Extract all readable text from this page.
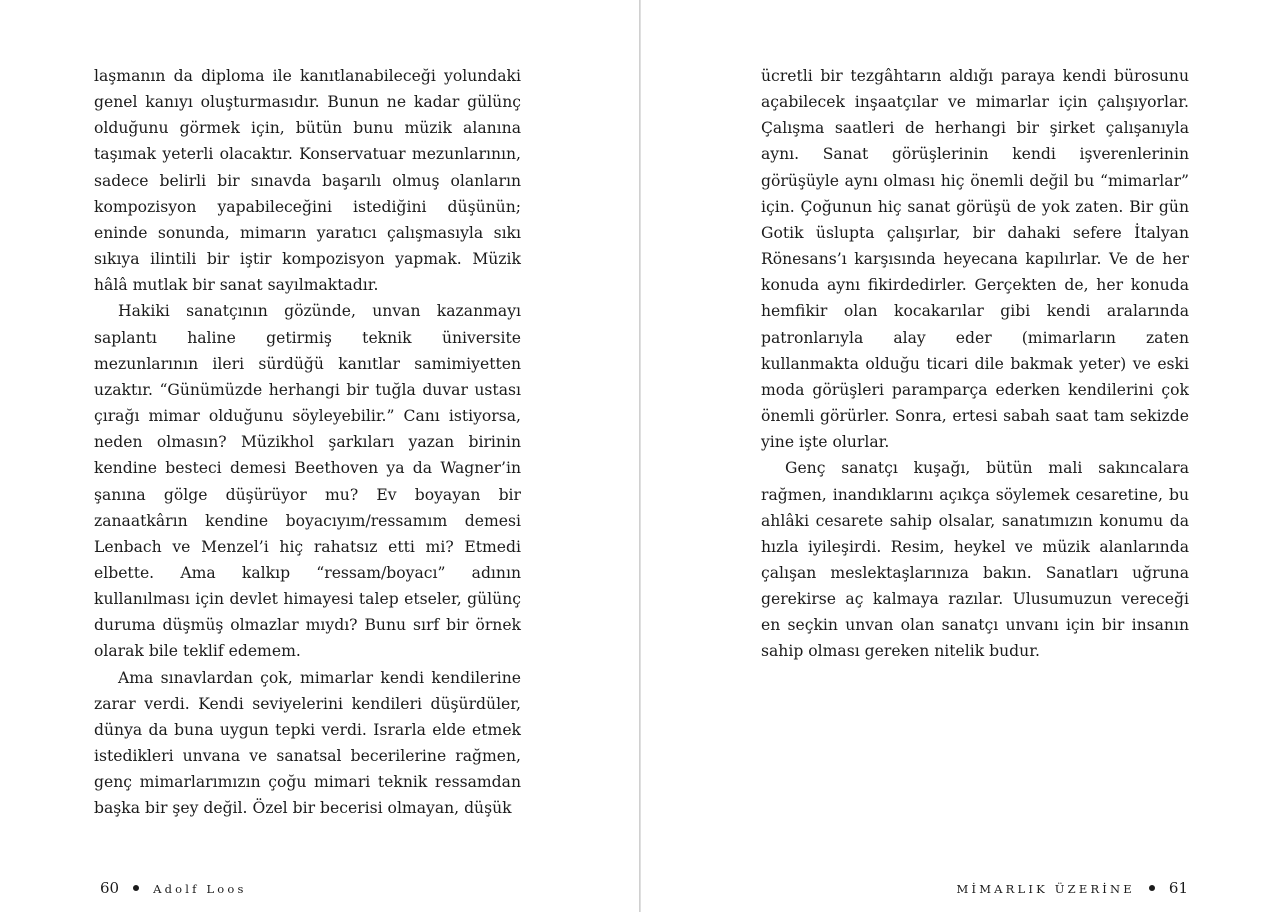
laşmanın da diploma ile kanıtlanabileceği yolundaki genel kanıyı oluşturmasıdır. Bunun ne kadar gülünç olduğunu görmek için, bütün bunu müzik alanına taşımak yeterli olacaktır. Konservatuar mezunlarının, sadece belirli bir sınavda başarılı olmuş olanların kompozisyon yapabileceğini istediğini düşünün; eninde sonunda, mimarın yaratıcı çalışmasıyla sıkı sıkıya ilintili bir iştir kompozisyon yapmak. Müzik hâlâ mutlak bir sanat sayılmaktadır.

Hakiki sanatçının gözünde, unvan kazanmayı saplantı haline getirmiş teknik üniversite mezunlarının ileri sürdüğü kanıtlar samimiyetten uzaktır. “Günümüzde herhangi bir tuğla duvar ustası çırağı mimar olduğunu söyleyebilir.” Canı istiyorsa, neden olmasın? Müzikhol şarkıları yazan birinin kendine besteci demesi Beethoven ya da Wagner’in şanına gölge düşürüyor mu? Ev boyayan bir zanaatkârın kendine boyacıyım/ressamım demesi Lenbach ve Menzel’i hiç rahatsız etti mi? Etmedi elbette. Ama kalkıp “ressam/boyacı” adının kullanılması için devlet himayesi talep etseler, gülünç duruma düşmüş olmazlar mıydı? Bunu sırf bir örnek olarak bile teklif edemem.

Ama sınavlardan çok, mimarlar kendi kendilerine zarar verdi. Kendi seviyelerini kendileri düşürdüler, dünya da buna uygun tepki verdi. Israrla elde etmek istedikleri unvana ve sanatsal becerilerine rağmen, genç mimarlarımızın çoğu mimari teknik ressamdan başka bir şey değil. Özel bir becerisi olmayan, düşük

60	Adolf Loos

ücretli bir tezgâhtarın aldığı paraya kendi bürosunu açabilecek inşaatçılar ve mimarlar için çalışıyorlar. Çalışma saatleri de herhangi bir şirket çalışanıyla aynı. Sanat görüşlerinin kendi işverenlerinin görüşüyle aynı olması hiç önemli değil bu “mimarlar” için. Çoğunun hiç sanat görüşü de yok zaten. Bir gün Gotik üslupta çalışırlar, bir dahaki sefere İtalyan Rönesans’ı karşısında heyecana kapılırlar. Ve de her konuda aynı fikirdedirler. Gerçekten de, her konuda hemfikir olan kocakarılar gibi kendi aralarında patronlarıyla alay eder (mimarların zaten kullanmakta olduğu ticari dile bakmak yeter) ve eski moda görüşleri paramparça ederken kendilerini çok önemli görürler. Sonra, ertesi sabah saat tam sekizde yine işte olurlar.

Genç sanatçı kuşağı, bütün mali sakıncalara rağmen, inandıklarını açıkça söylemek cesaretine, bu ahlâki cesarete sahip olsalar, sanatımızın konumu da hızla iyileşirdi. Resim, heykel ve müzik alanlarında çalışan meslektaşlarınıza bakın. Sanatları uğruna gerekirse aç kalmaya razılar. Ulusumuzun vereceği en seçkin unvan olan sanatçı unvanı için bir insanın sahip olması gereken nitelik budur.

MİMARLIK ÜZERİNE 61
